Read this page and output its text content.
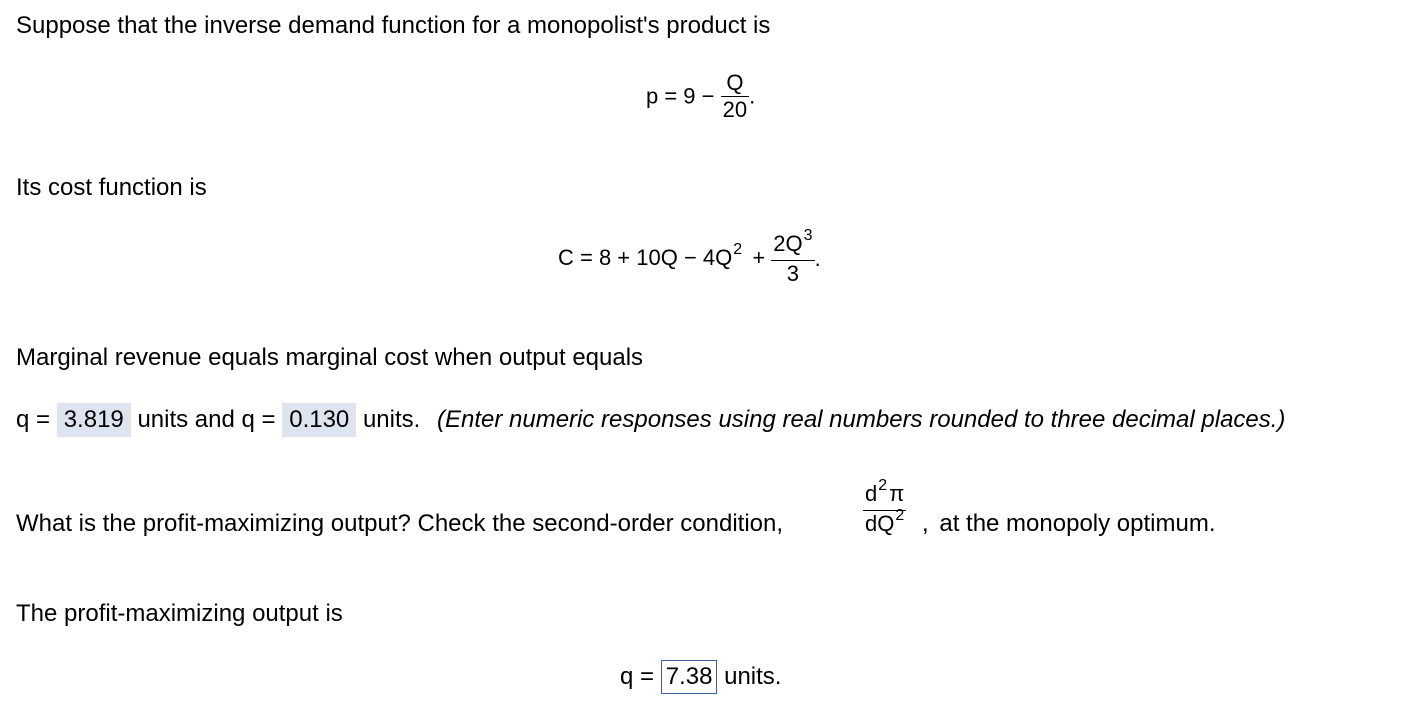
Suppose that the inverse demand function for a monopolist's product is
$p = 9 - \frac{Q}{20}$ .
Its cost function is
$C = 8 + 10Q - 4Q^2 + \frac{2Q^3}{3}$ .
Marginal revenue equals marginal cost when output equals
q = 3.819 units and q = 0.130 units. (Enter numeric responses using real numbers rounded to three decimal places.)
What is the profit-maximizing output? Check the second-order condition,	$\frac{d^2\pi}{dQ^2}$ , at the monopoly optimum.
The profit-maximizing output is
q = 7.38 units.
